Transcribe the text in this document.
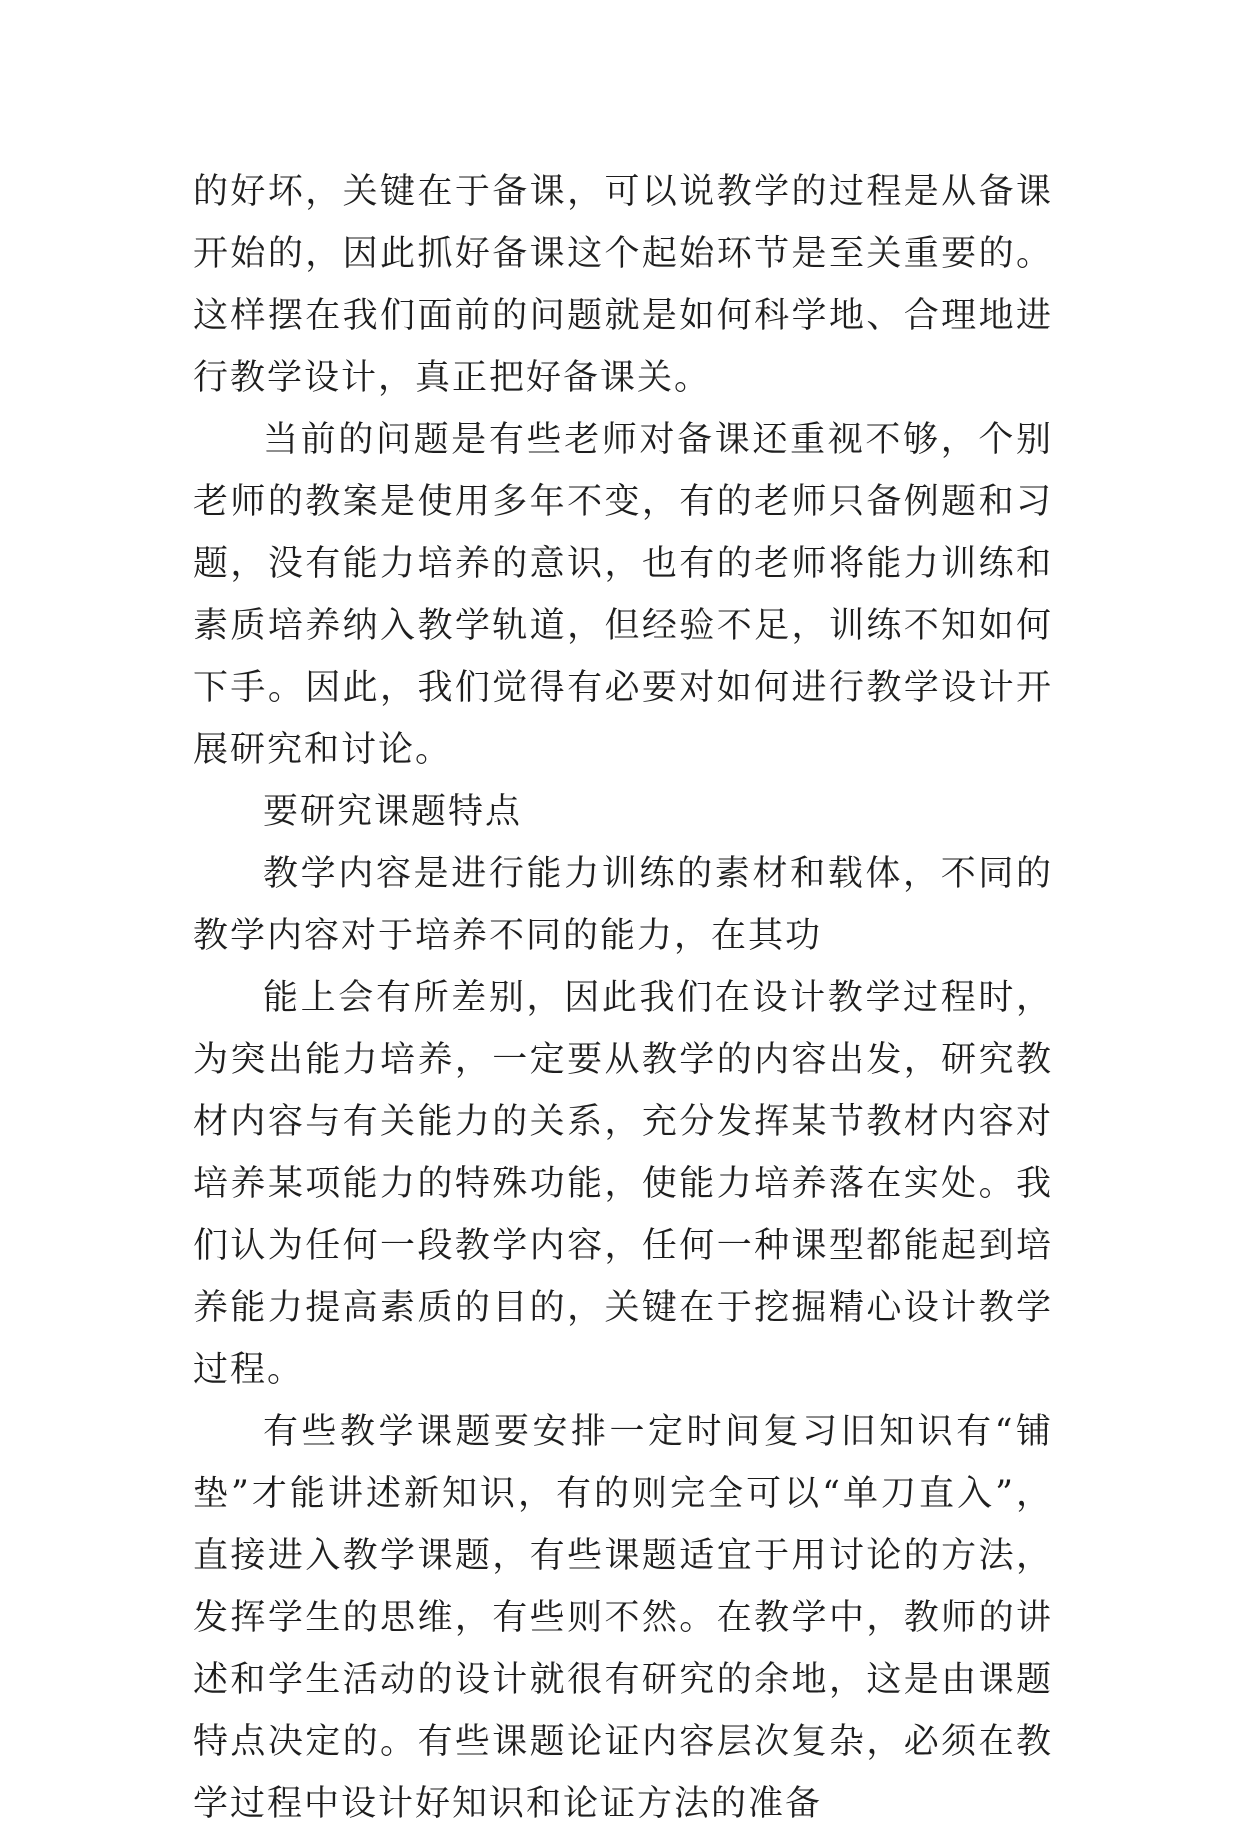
的好坏，关键在于备课，可以说教学的过程是从备课开始的，因此抓好备课这个起始环节是至关重要的。这样摆在我们面前的问题就是如何科学地、合理地进行教学设计，真正把好备课关。

当前的问题是有些老师对备课还重视不够，个别老师的教案是使用多年不变，有的老师只备例题和习题，没有能力培养的意识，也有的老师将能力训练和素质培养纳入教学轨道，但经验不足，训练不知如何下手。因此，我们觉得有必要对如何进行教学设计开展研究和讨论。

要研究课题特点

教学内容是进行能力训练的素材和载体，不同的教学内容对于培养不同的能力，在其功

能上会有所差别，因此我们在设计教学过程时，为突出能力培养，一定要从教学的内容出发，研究教材内容与有关能力的关系，充分发挥某节教材内容对培养某项能力的特殊功能，使能力培养落在实处。我们认为任何一段教学内容，任何一种课型都能起到培养能力提高素质的目的，关键在于挖掘精心设计教学过程。

有些教学课题要安排一定时间复习旧知识有“铺垫”才能讲述新知识，有的则完全可以“单刀直入”，直接进入教学课题，有些课题适宜于用讨论的方法，发挥学生的思维，有些则不然。在教学中，教师的讲述和学生活动的设计就很有研究的余地，这是由课题特点决定的。有些课题论证内容层次复杂，必须在教学过程中设计好知识和论证方法的准备
